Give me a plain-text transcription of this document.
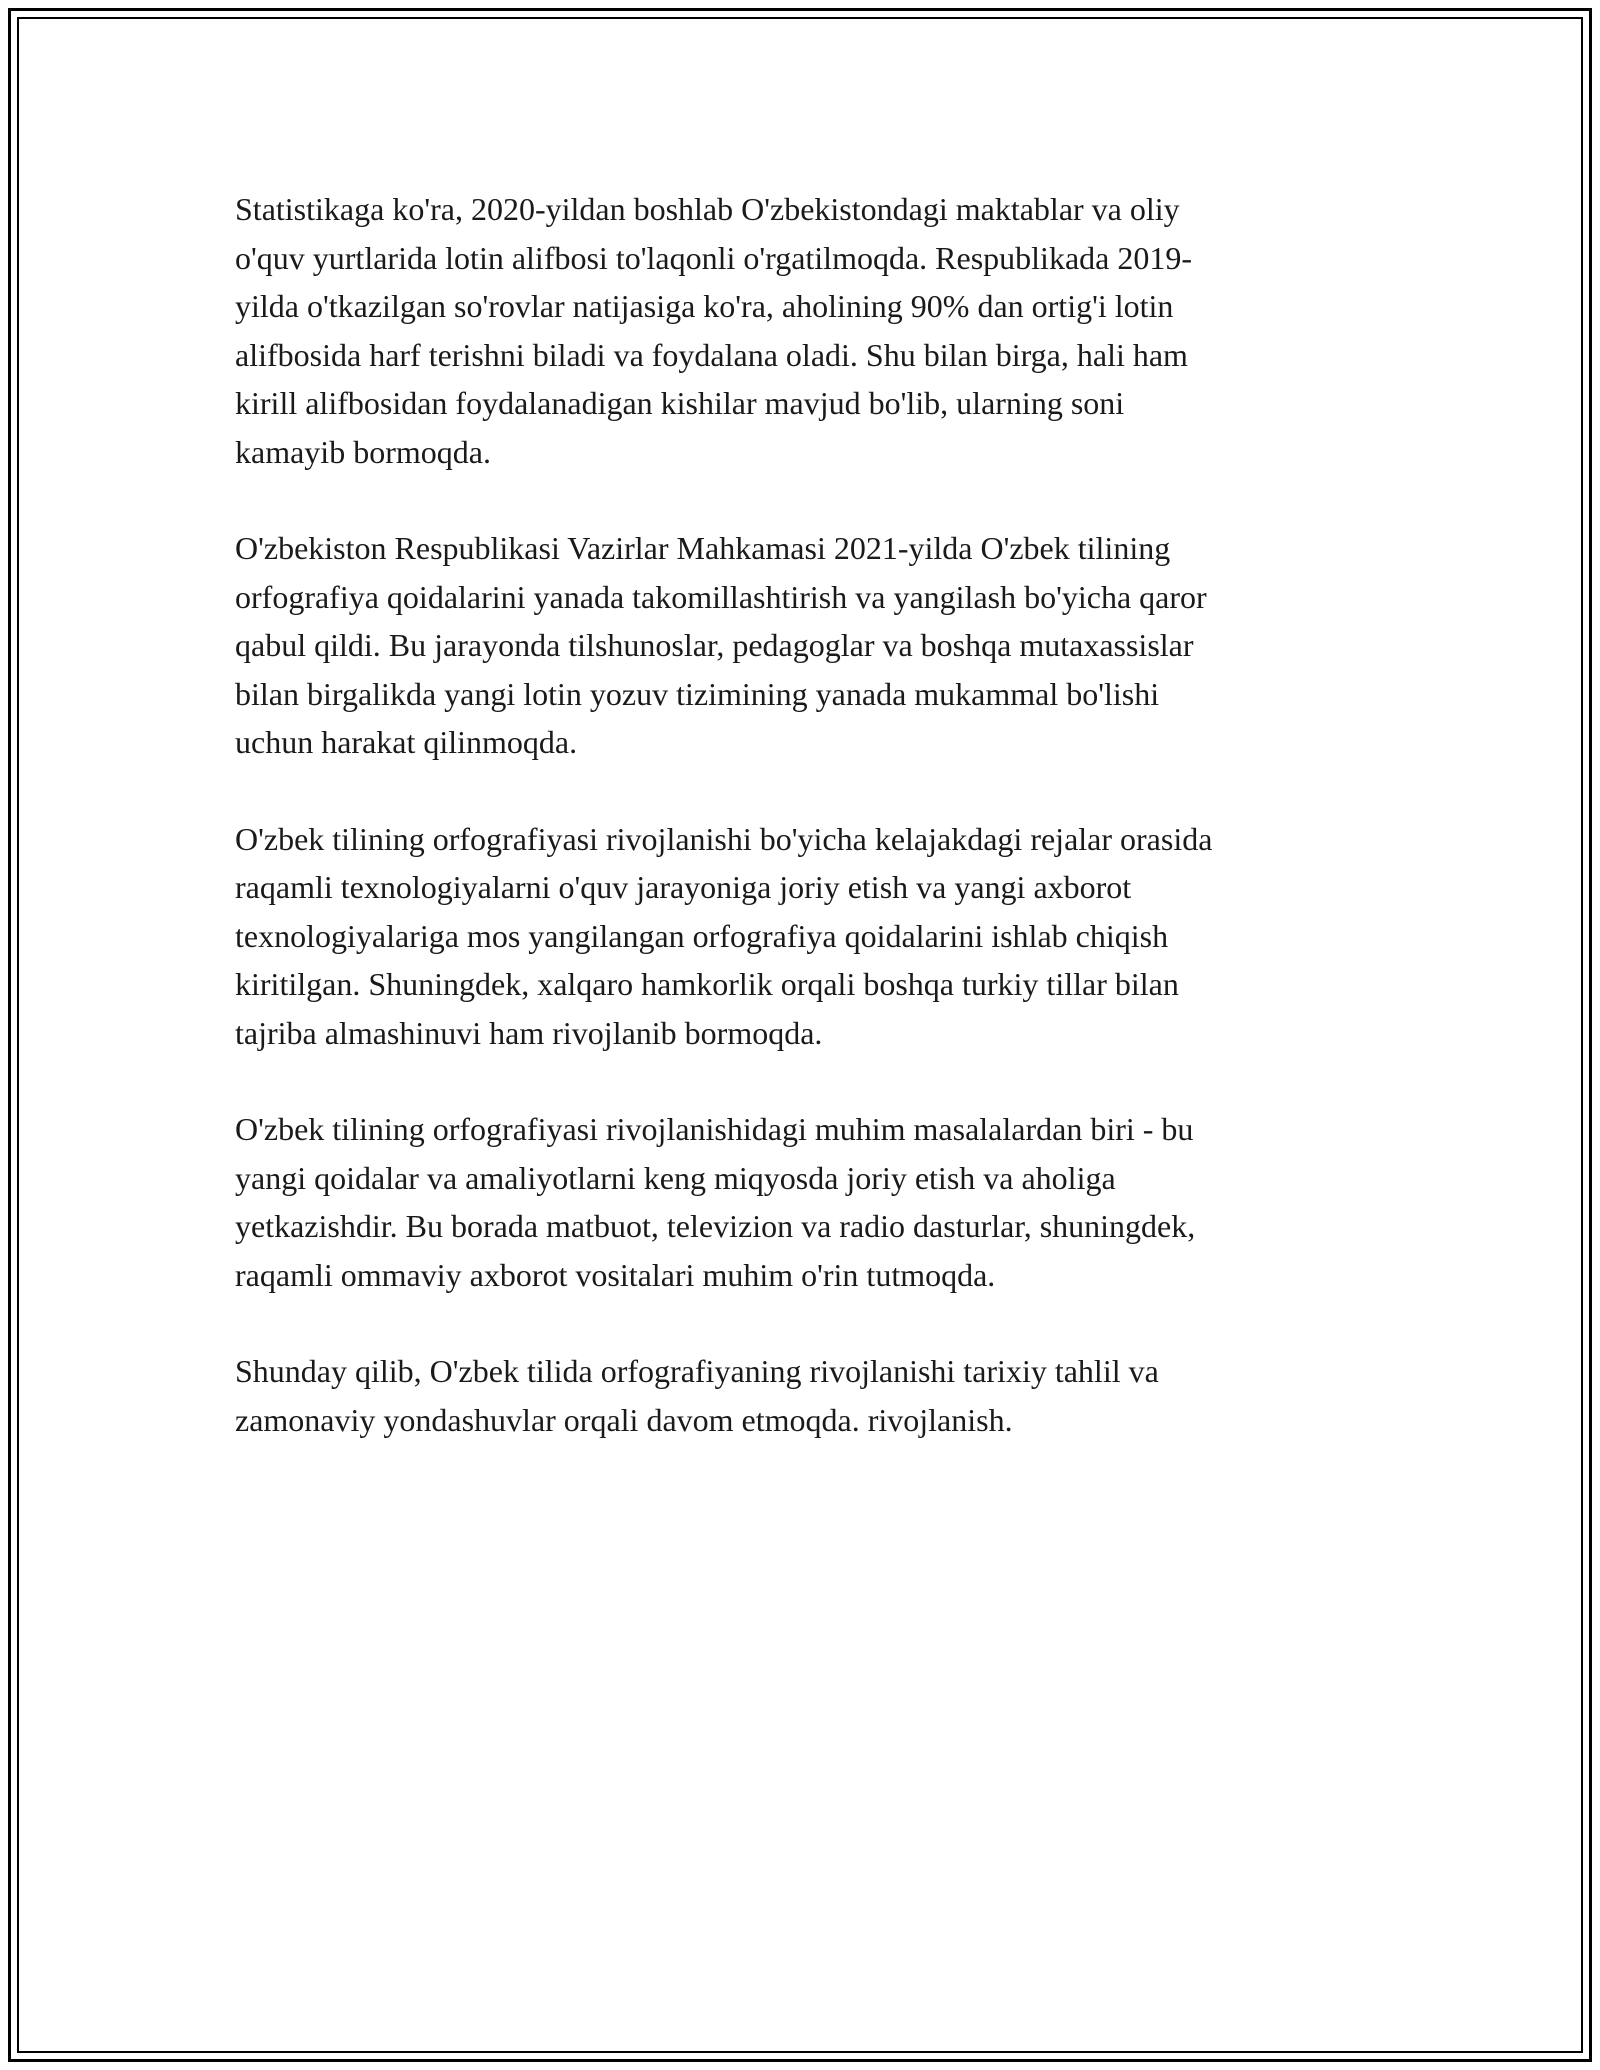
Statistikaga ko'ra, 2020-yildan boshlab O'zbekistondagi maktablar va oliy
o'quv yurtlarida lotin alifbosi to'laqonli o'rgatilmoqda. Respublikada 2019-
yilda o'tkazilgan so'rovlar natijasiga ko'ra, aholining 90% dan ortig'i lotin
alifbosida harf terishni biladi va foydalana oladi. Shu bilan birga, hali ham
kirill alifbosidan foydalanadigan kishilar mavjud bo'lib, ularning soni
kamayib bormoqda.

O'zbekiston Respublikasi Vazirlar Mahkamasi 2021-yilda O'zbek tilining
orfografiya qoidalarini yanada takomillashtirish va yangilash bo'yicha qaror
qabul qildi. Bu jarayonda tilshunoslar, pedagoglar va boshqa mutaxassislar
bilan birgalikda yangi lotin yozuv tizimining yanada mukammal bo'lishi
uchun harakat qilinmoqda.

O'zbek tilining orfografiyasi rivojlanishi bo'yicha kelajakdagi rejalar orasida
raqamli texnologiyalarni o'quv jarayoniga joriy etish va yangi axborot
texnologiyalariga mos yangilangan orfografiya qoidalarini ishlab chiqish
kiritilgan. Shuningdek, xalqaro hamkorlik orqali boshqa turkiy tillar bilan
tajriba almashinuvi ham rivojlanib bormoqda.

O'zbek tilining orfografiyasi rivojlanishidagi muhim masalalardan biri - bu
yangi qoidalar va amaliyotlarni keng miqyosda joriy etish va aholiga
yetkazishdir. Bu borada matbuot, televizion va radio dasturlar, shuningdek,
raqamli ommaviy axborot vositalari muhim o'rin tutmoqda.

Shunday qilib, O'zbek tilida orfografiyaning rivojlanishi tarixiy tahlil va
zamonaviy yondashuvlar orqali davom etmoqda. rivojlanish.
